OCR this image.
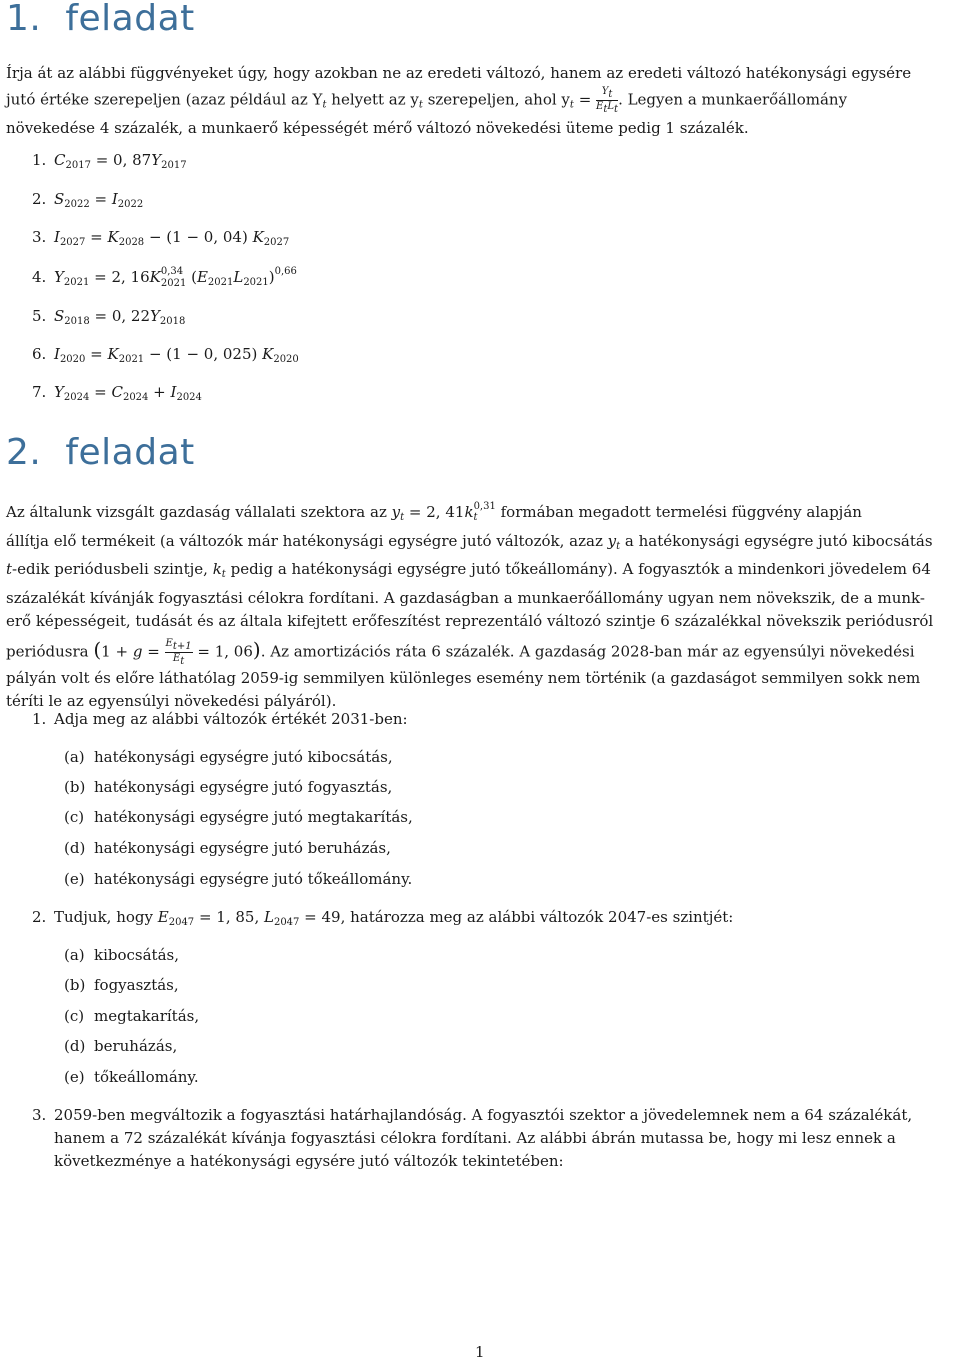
1. feladat
Írja át az alábbi függvényeket úgy, hogy azokban ne az eredeti változó, hanem az eredeti változó hatékonysági egysére
jutó értéke szerepeljen (azaz például az $Y_t$ helyett az $y_t$ szerepeljen, ahol $y_t = \frac{Y_t}{E_tL_t}$ . Legyen a munkaerőállomány
növekedése 4 százalék, a munkaerő képességét mérő változó növekedési üteme pedig 1 százalék.
1. $C_{2017} = 0$, $87Y_{2017}$
2. $S_{2022} = I_{2022}$
3. $I_{2027} = K_{2028} - (1 - 0$, 04) $K_{2027}$
4. $Y_{2021} = 2$, 16K 0,34
2021 $(E_{2021}L_{2021})^{0,66}$
5. $S_{2018} = 0$, $22Y_{2018}$
6. $I_{2020} = K_{2021} - (1 - 0$, 025) $K_{2020}$
7. $Y_{2024} = C_{2024} + I_{2024}$
2. feladat
Az általunk vizsgált gazdaság vállalati szektora az $y_t = 2$, $41k_t^{0,31}$ formában megadott termelési függvény alapján
állítja elő termékeit (a változók már hatékonysági egységre jutó változók, azaz $y_t$ a hatékonysági egységre jutó kibocsátás
t-edik periódusbeli szintje, $k_t$ pedig a hatékonysági egységre jutó tőkeállomány). A fogyasztók a mindenkori jövedelem 64
százalékát kívánják fogyasztási célokra fordítani. A gazdaságban a munkaerőállomány ugyan nem növekszik, de a munk-
erő képességeit, tudását és az általa kifejtett erőfeszítést reprezentáló változó szintje 6 százalékkal növekszik periódusról
periódusra ($1 + g = \frac{E_{t+1}}{E_t} = 1$, 06). Az amortizációs ráta 6 százalék. A gazdaság 2028-ban már az egyensúlyi növekedési
pályán volt és előre láthatólag 2059-ig semmilyen különleges esemény nem történik (a gazdaságot semmilyen sokk nem
téríti le az egyensúlyi növekedési pályáról).
1. Adja meg az alábbi változók értékét 2031-ben:
(a) hatékonysági egységre jutó kibocsátás,
(b) hatékonysági egységre jutó fogyasztás,
(c) hatékonysági egységre jutó megtakarítás,
(d) hatékonysági egységre jutó beruházás,
(e) hatékonysági egységre jutó tőkeállomány.
2. Tudjuk, hogy $E_{2047} = 1$, 85, $L_{2047} = 49$, határozza meg az alábbi változók 2047-es szintjét:
(a) kibocsátás,
(b) fogyasztás,
(c) megtakarítás,
(d) beruházás,
(e) tőkeállomány.
3. 2059-ben megváltozik a fogyasztási határhajlandóság. A fogyasztói szektor a jövedelemnek nem a 64 százalékát,
hanem a 72 százalékát kívánja fogyasztási célokra fordítani. Az alábbi ábrán mutassa be, hogy mi lesz ennek a
következménye a hatékonysági egysére jutó változók tekintetében:
1
